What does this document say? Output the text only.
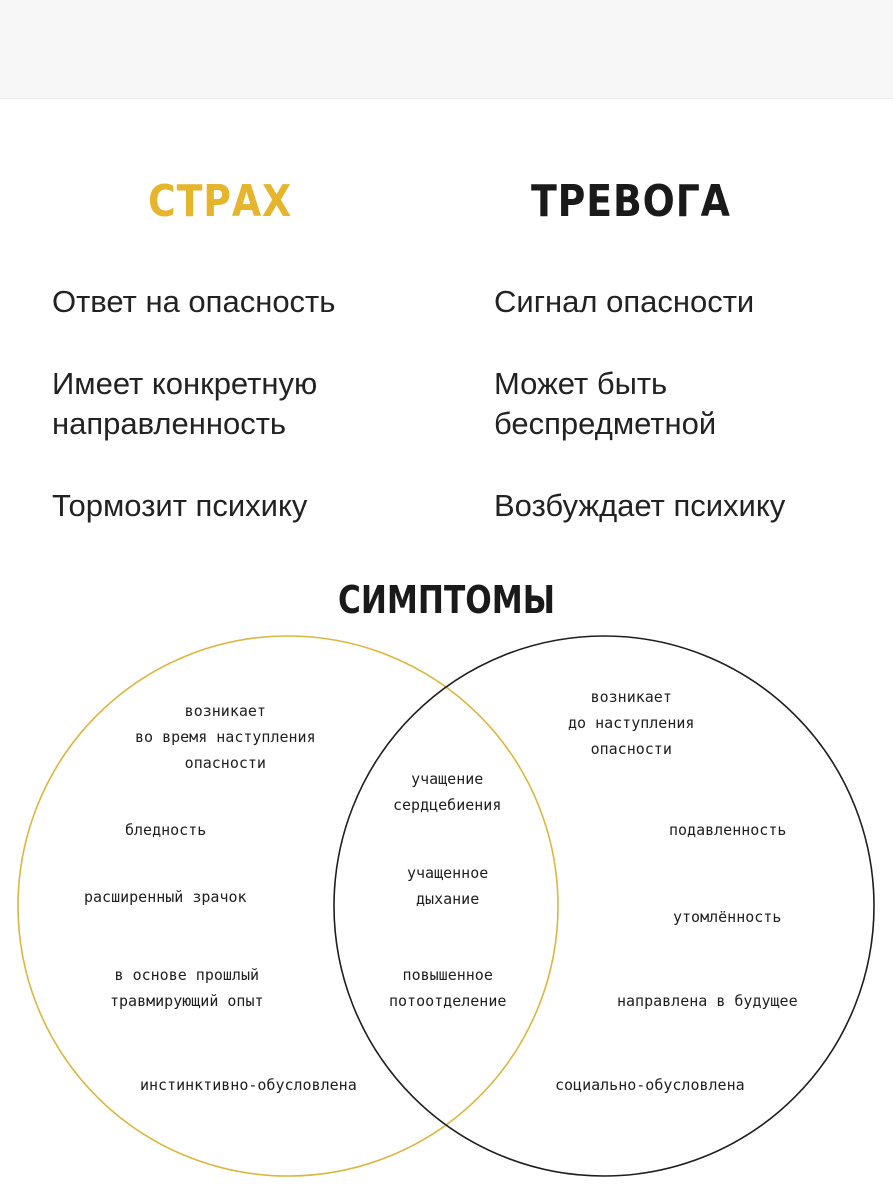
СТРАХ	ТРЕВОГА
Ответ на опасность
Имеет конкретную
направленность
Тормозит психику
Сигнал опасности
Может быть
беспредметной
Возбуждает психику
СИМПТОМЫ
возникает
во время наступления
опасности
бледность
расширенный зрачок
в основе прошлый
травмирующий опыт
инстинктивно-обусловлена
учащение
сердцебиения
учащенное
дыхание
повышенное
потоотделение
возникает
до наступления
опасности
подавленность
утомлённость
направлена в будущее
социально-обусловлена
